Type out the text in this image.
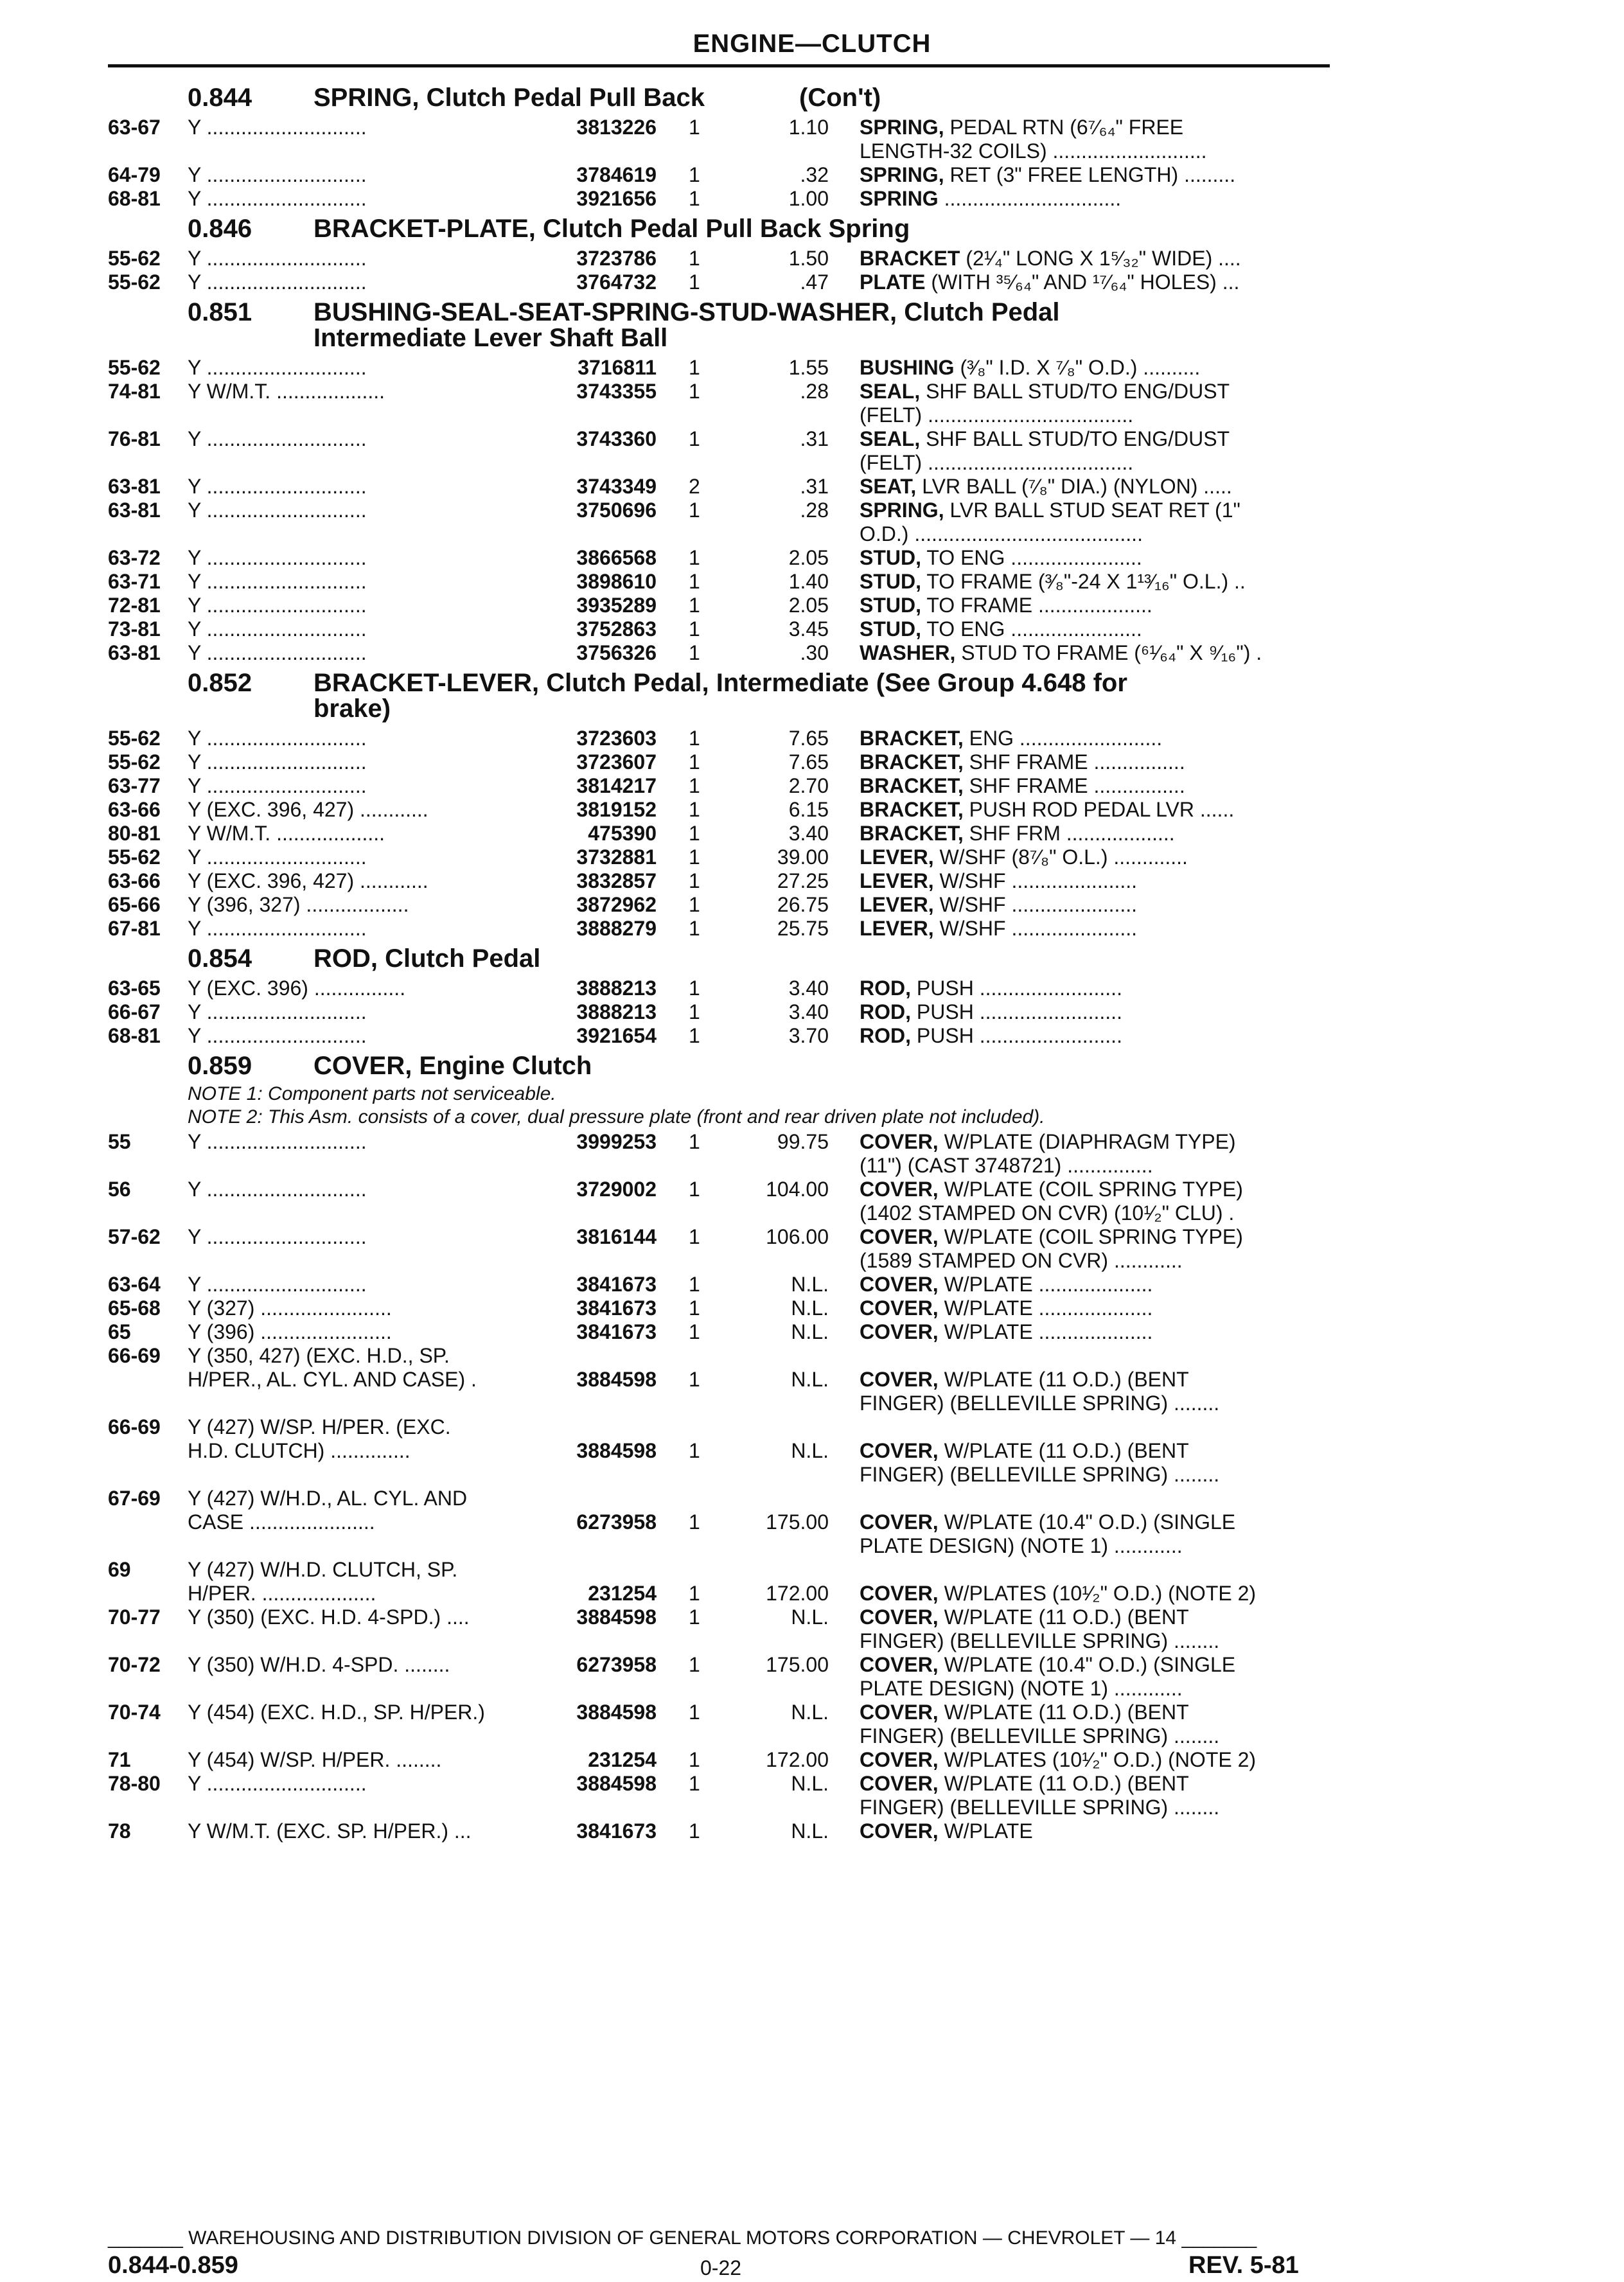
ENGINE—CLUTCH
0.844 SPRING, Clutch Pedal Pull Back	(Con't)
63-67 Y ............................	3813226 1	1.10 SPRING, PEDAL RTN (6⁷⁄₆₄" FREE
LENGTH-32 COILS) ...........................
64-79 Y ............................	3784619 1	.32 SPRING, RET (3" FREE LENGTH) .........
68-81 Y ............................	3921656 1	1.00 SPRING ...............................
0.846 BRACKET-PLATE, Clutch Pedal Pull Back Spring
55-62 Y ............................	3723786 1	1.50 BRACKET (2¹⁄₄" LONG X 1⁵⁄₃₂" WIDE) ....
55-62 Y ............................	3764732 1	.47 PLATE (WITH ³⁵⁄₆₄" AND ¹⁷⁄₆₄" HOLES) ...
0.851 BUSHING-SEAL-SEAT-SPRING-STUD-WASHER, Clutch Pedal
Intermediate Lever Shaft Ball
55-62 Y ............................	3716811 1	1.55 BUSHING (³⁄₈" I.D. X ⁷⁄₈" O.D.) ..........
74-81 Y W/M.T. ...................	3743355 1	.28 SEAL, SHF BALL STUD/TO ENG/DUST
(FELT) ....................................
76-81 Y ............................	3743360 1	.31 SEAL, SHF BALL STUD/TO ENG/DUST
(FELT) ....................................
63-81 Y ............................	3743349 2	.31 SEAT, LVR BALL (⁷⁄₈" DIA.) (NYLON) .....
63-81 Y ............................	3750696 1	.28 SPRING, LVR BALL STUD SEAT RET (1"
O.D.) ........................................
63-72 Y ............................	3866568 1	2.05 STUD, TO ENG .......................
63-71 Y ............................	3898610 1	1.40 STUD, TO FRAME (³⁄₈"-24 X 1¹³⁄₁₆" O.L.) ..
72-81 Y ............................	3935289 1	2.05 STUD, TO FRAME ....................
73-81 Y ............................	3752863 1	3.45 STUD, TO ENG .......................
63-81 Y ............................	3756326 1	.30 WASHER, STUD TO FRAME (⁶¹⁄₆₄" X ⁹⁄₁₆") .
0.852 BRACKET-LEVER, Clutch Pedal, Intermediate (See Group 4.648 for
brake)
55-62 Y ............................	3723603 1	7.65 BRACKET, ENG .........................
55-62 Y ............................	3723607 1	7.65 BRACKET, SHF FRAME ................
63-77 Y ............................	3814217 1	2.70 BRACKET, SHF FRAME ................
63-66 Y (EXC. 396, 427) ............	3819152 1	6.15 BRACKET, PUSH ROD PEDAL LVR ......
80-81 Y W/M.T. ...................	475390 1	3.40 BRACKET, SHF FRM ...................
55-62 Y ............................	3732881 1	39.00 LEVER, W/SHF (8⁷⁄₈" O.L.) .............
63-66 Y (EXC. 396, 427) ............	3832857 1	27.25 LEVER, W/SHF ......................
65-66 Y (396, 327) ..................	3872962 1	26.75 LEVER, W/SHF ......................
67-81 Y ............................	3888279 1	25.75 LEVER, W/SHF ......................
0.854 ROD, Clutch Pedal
63-65 Y (EXC. 396) ................	3888213 1	3.40 ROD, PUSH .........................
66-67 Y ............................	3888213 1	3.40 ROD, PUSH .........................
68-81 Y ............................	3921654 1	3.70 ROD, PUSH .........................
0.859 COVER, Engine Clutch
NOTE 1: Component parts not serviceable.
NOTE 2: This Asm. consists of a cover, dual pressure plate (front and rear driven plate not included).
55	Y ............................	3999253 1	99.75 COVER, W/PLATE (DIAPHRAGM TYPE)
(11") (CAST 3748721) ...............
56	Y ............................	3729002 1	104.00 COVER, W/PLATE (COIL SPRING TYPE)
(1402 STAMPED ON CVR) (10¹⁄₂" CLU) .
57-62 Y ............................	3816144 1	106.00 COVER, W/PLATE (COIL SPRING TYPE)
(1589 STAMPED ON CVR) ............
63-64 Y ............................	3841673 1	N.L. COVER, W/PLATE ....................
65-68 Y (327) .......................	3841673 1	N.L. COVER, W/PLATE ....................
65	Y (396) .......................	3841673 1	N.L. COVER, W/PLATE ....................
66-69 Y (350, 427) (EXC. H.D., SP.
H/PER., AL. CYL. AND CASE) .	3884598 1	N.L. COVER, W/PLATE (11 O.D.) (BENT
FINGER) (BELLEVILLE SPRING) ........
66-69 Y (427) W/SP. H/PER. (EXC.
H.D. CLUTCH) ..............	3884598 1	N.L. COVER, W/PLATE (11 O.D.) (BENT
FINGER) (BELLEVILLE SPRING) ........
67-69 Y (427) W/H.D., AL. CYL. AND
CASE ......................	6273958 1	175.00 COVER, W/PLATE (10.4" O.D.) (SINGLE
PLATE DESIGN) (NOTE 1) ............
69	Y (427) W/H.D. CLUTCH, SP.
H/PER. ....................	231254 1	172.00 COVER, W/PLATES (10¹⁄₂" O.D.) (NOTE 2)
70-77 Y (350) (EXC. H.D. 4-SPD.) ....	3884598 1	N.L. COVER, W/PLATE (11 O.D.) (BENT
FINGER) (BELLEVILLE SPRING) ........
70-72 Y (350) W/H.D. 4-SPD. ........	6273958 1	175.00 COVER, W/PLATE (10.4" O.D.) (SINGLE
PLATE DESIGN) (NOTE 1) ............
70-74 Y (454) (EXC. H.D., SP. H/PER.)	3884598 1	N.L. COVER, W/PLATE (11 O.D.) (BENT
FINGER) (BELLEVILLE SPRING) ........
71	Y (454) W/SP. H/PER. ........	231254 1	172.00 COVER, W/PLATES (10¹⁄₂" O.D.) (NOTE 2)
78-80 Y ............................	3884598 1	N.L. COVER, W/PLATE (11 O.D.) (BENT
FINGER) (BELLEVILLE SPRING) ........
78	Y W/M.T. (EXC. SP. H/PER.) ...	3841673 1	N.L. COVER, W/PLATE
_______ WAREHOUSING AND DISTRIBUTION DIVISION OF GENERAL MOTORS CORPORATION — CHEVROLET — 14 _______
0.844-0.859	0-22	REV. 5-81
